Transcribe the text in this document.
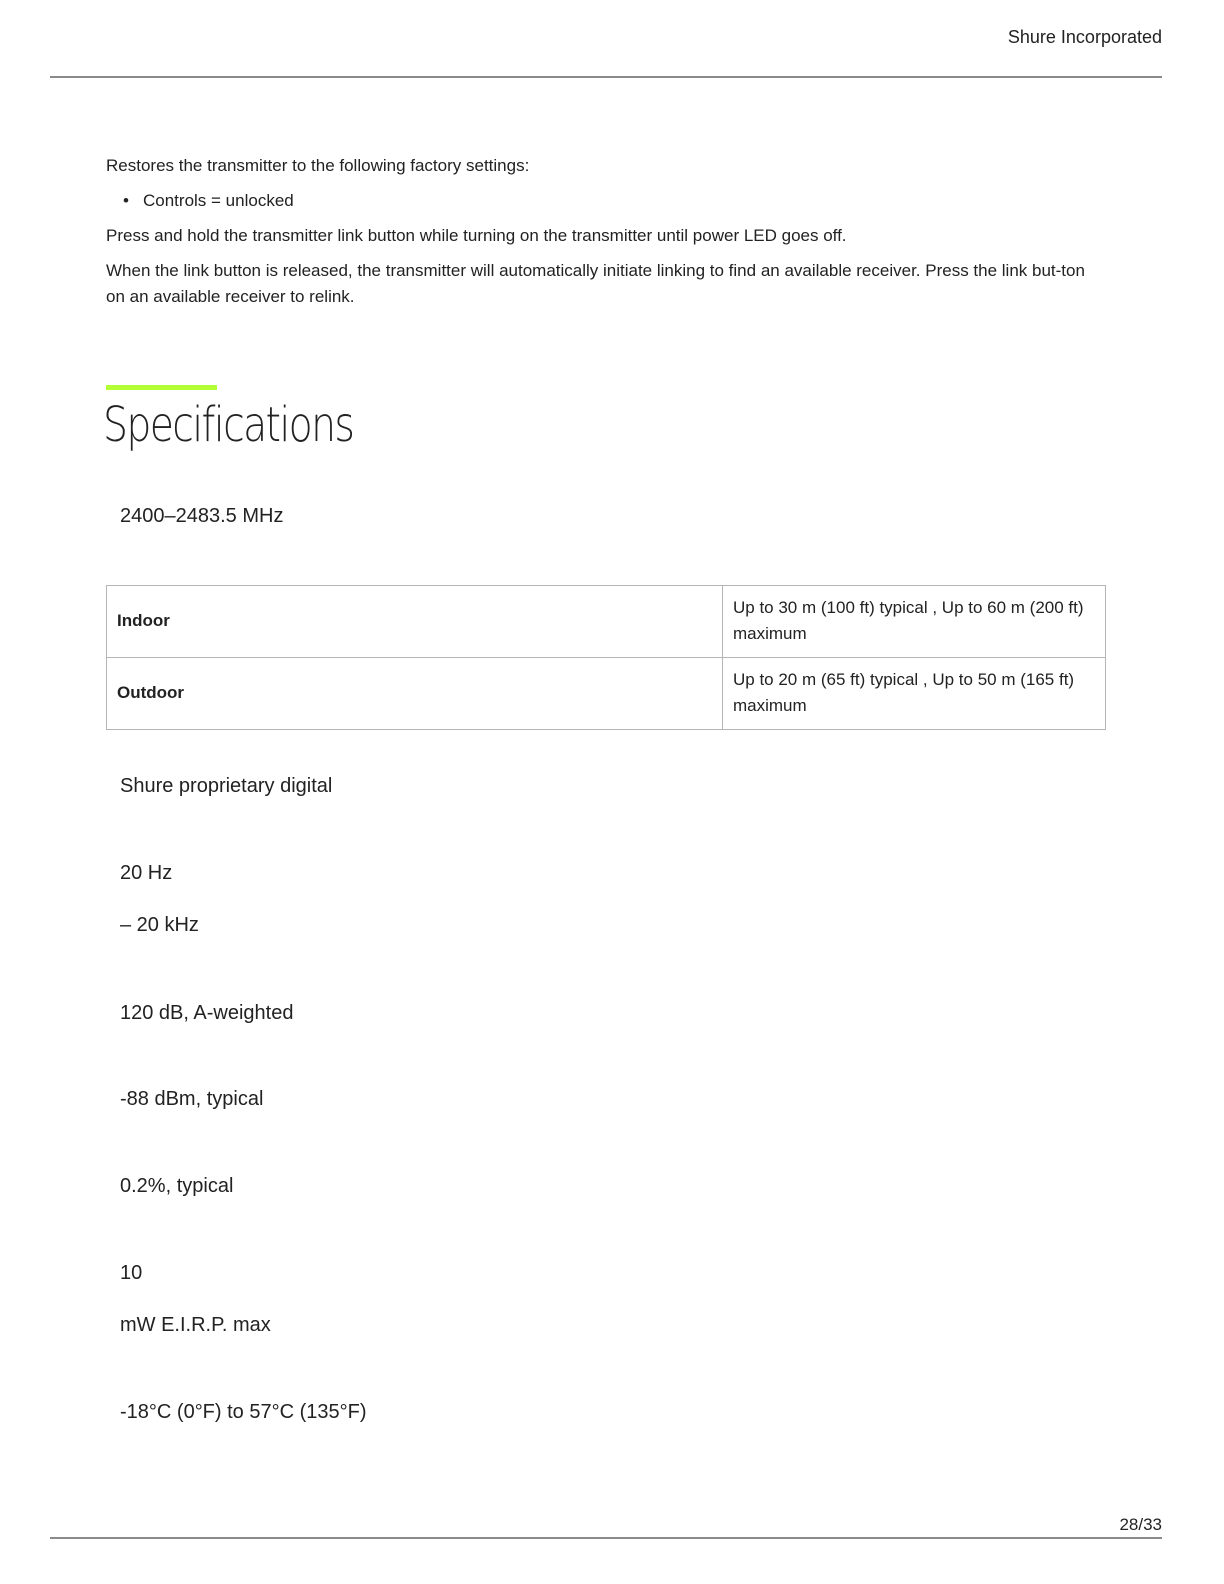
Shure Incorporated

Restores the transmitter to the following factory settings:

• Controls = unlocked

Press and hold the transmitter link button while turning on the transmitter until power LED goes off.

When the link button is released, the transmitter will automatically initiate linking to find an available receiver. Press the link but-ton on an available receiver to relink.

Specifications
2400–2483.5 MHz
Indoor	Up to 30 m (100 ft) typical , Up to 60 m (200 ft) maximum
Outdoor	Up to 20 m (65 ft) typical , Up to 50 m (165 ft) maximum
Shure proprietary digital
20 Hz
– 20 kHz
120 dB, A-weighted
-88 dBm, typical
0.2%, typical
10
mW E.I.R.P. max
-18°C (0°F) to 57°C (135°F)
28/33
